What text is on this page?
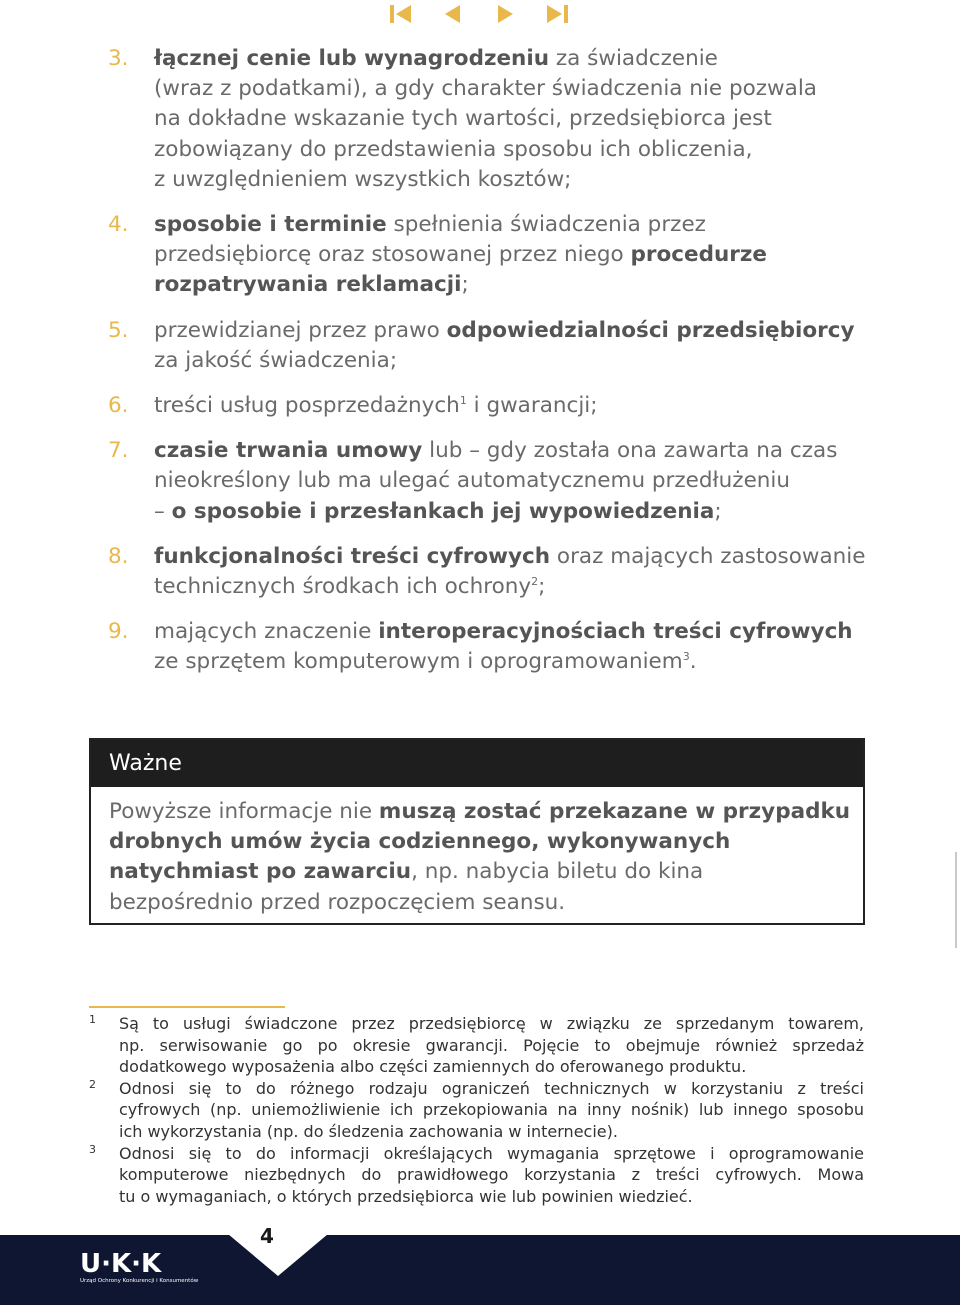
3.	łącznej cenie lub wynagrodzeniu za świadczenie
(wraz z podatkami), a gdy charakter świadczenia nie pozwala
na dokładne wskazanie tych wartości, przedsiębiorca jest
zobowiązany do przedstawienia sposobu ich obliczenia,
z uwzględnieniem wszystkich kosztów;
4.	sposobie i terminie spełnienia świadczenia przez
przedsiębiorcę oraz stosowanej przez niego procedurze
rozpatrywania reklamacji;
5.	przewidzianej przez prawo odpowiedzialności przedsiębiorcy
za jakość świadczenia;
6.	treści usług posprzedażnych$^1$ i gwarancji;
7.	czasie trwania umowy lub – gdy została ona zawarta na czas
nieokreślony lub ma ulegać automatycznemu przedłużeniu
– o sposobie i przesłankach jej wypowiedzenia;
8.	funkcjonalności treści cyfrowych oraz mających zastosowanie
technicznych środkach ich ochrony$^2$;
9.	mających znaczenie interoperacyjnościach treści cyfrowych
ze sprzętem komputerowym i oprogramowaniem$^3$.
Ważne
Powyższe informacje nie muszą zostać przekazane w przypadku
drobnych umów życia codziennego, wykonywanych
natychmiast po zawarciu, np. nabycia biletu do kina
bezpośrednio przed rozpoczęciem seansu.
1	Są to usługi świadczone przez przedsiębiorcę w związku ze sprzedanym towarem,
np. serwisowanie go po okresie gwarancji. Pojęcie to obejmuje również sprzedaż
dodatkowego wyposażenia albo części zamiennych do oferowanego produktu.
2	Odnosi się to do różnego rodzaju ograniczeń technicznych w korzystaniu z treści
cyfrowych (np. uniemożliwienie ich przekopiowania na inny nośnik) lub innego sposobu
ich wykorzystania (np. do śledzenia zachowania w internecie).
3	Odnosi się to do informacji określających wymagania sprzętowe i oprogramowanie
komputerowe niezbędnych do prawidłowego korzystania z treści cyfrowych. Mowa
tu o wymaganiach, o których przedsiębiorca wie lub powinien wiedzieć.
4
U·K·K
Urząd Ochrony Konkurencji i Konsumentów
